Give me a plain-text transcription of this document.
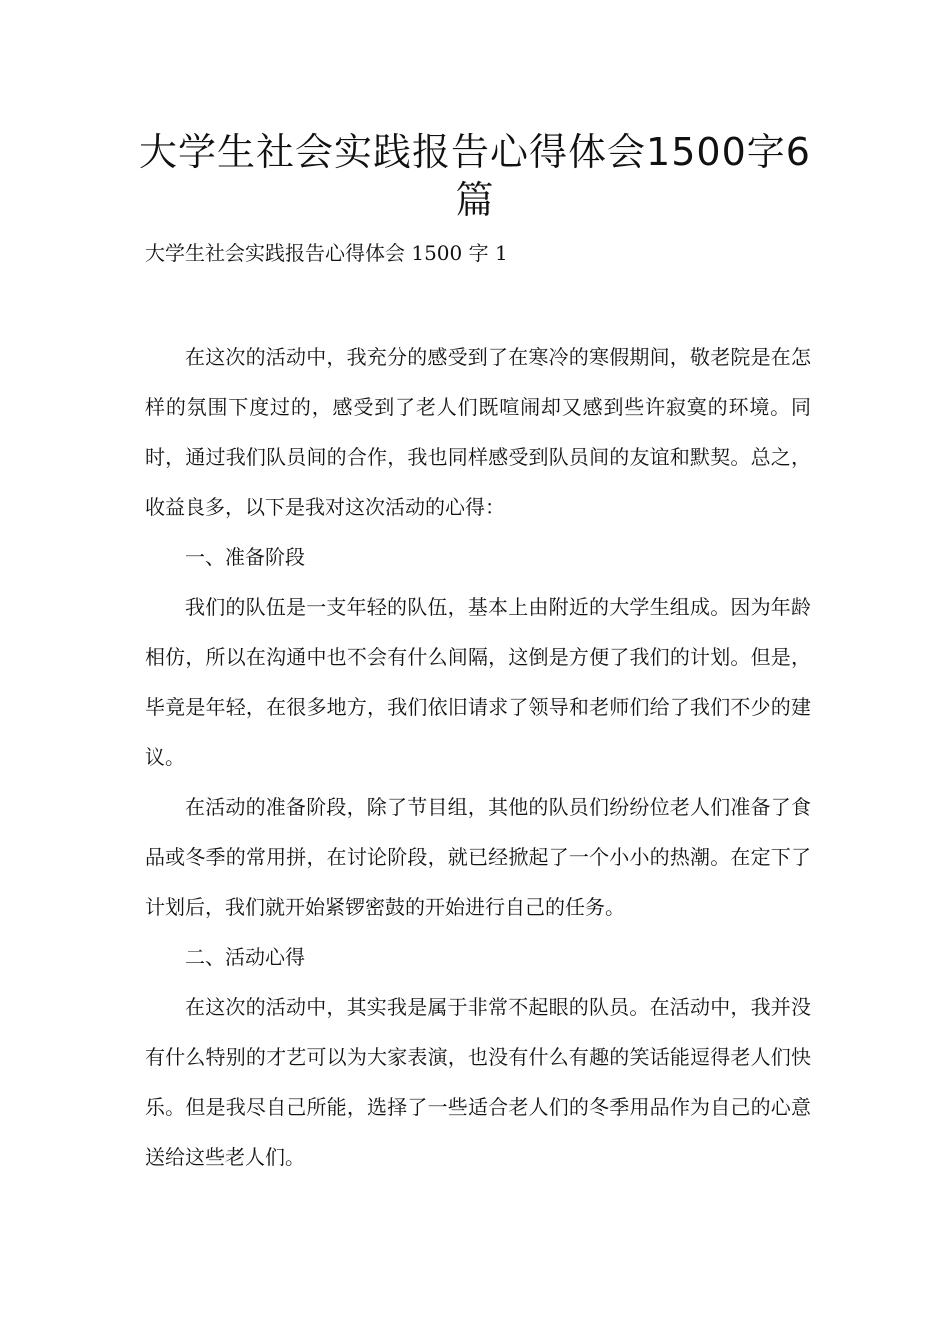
大学生社会实践报告心得体会1500字6篇
大学生社会实践报告心得体会 1500 字 1

在这次的活动中，我充分的感受到了在寒冷的寒假期间，敬老院是在怎样的氛围下度过的，感受到了老人们既喧闹却又感到些许寂寞的环境。同时，通过我们队员间的合作，我也同样感受到队员间的友谊和默契。总之，收益良多，以下是我对这次活动的心得：

一、准备阶段

我们的队伍是一支年轻的队伍，基本上由附近的大学生组成。因为年龄相仿，所以在沟通中也不会有什么间隔，这倒是方便了我们的计划。但是，毕竟是年轻，在很多地方，我们依旧请求了领导和老师们给了我们不少的建议。

在活动的准备阶段，除了节目组，其他的队员们纷纷位老人们准备了食品或冬季的常用拼，在讨论阶段，就已经掀起了一个小小的热潮。在定下了计划后，我们就开始紧锣密鼓的开始进行自己的任务。

二、活动心得

在这次的活动中，其实我是属于非常不起眼的队员。在活动中，我并没有什么特别的才艺可以为大家表演，也没有什么有趣的笑话能逗得老人们快乐。但是我尽自己所能，选择了一些适合老人们的冬季用品作为自己的心意送给这些老人们。
